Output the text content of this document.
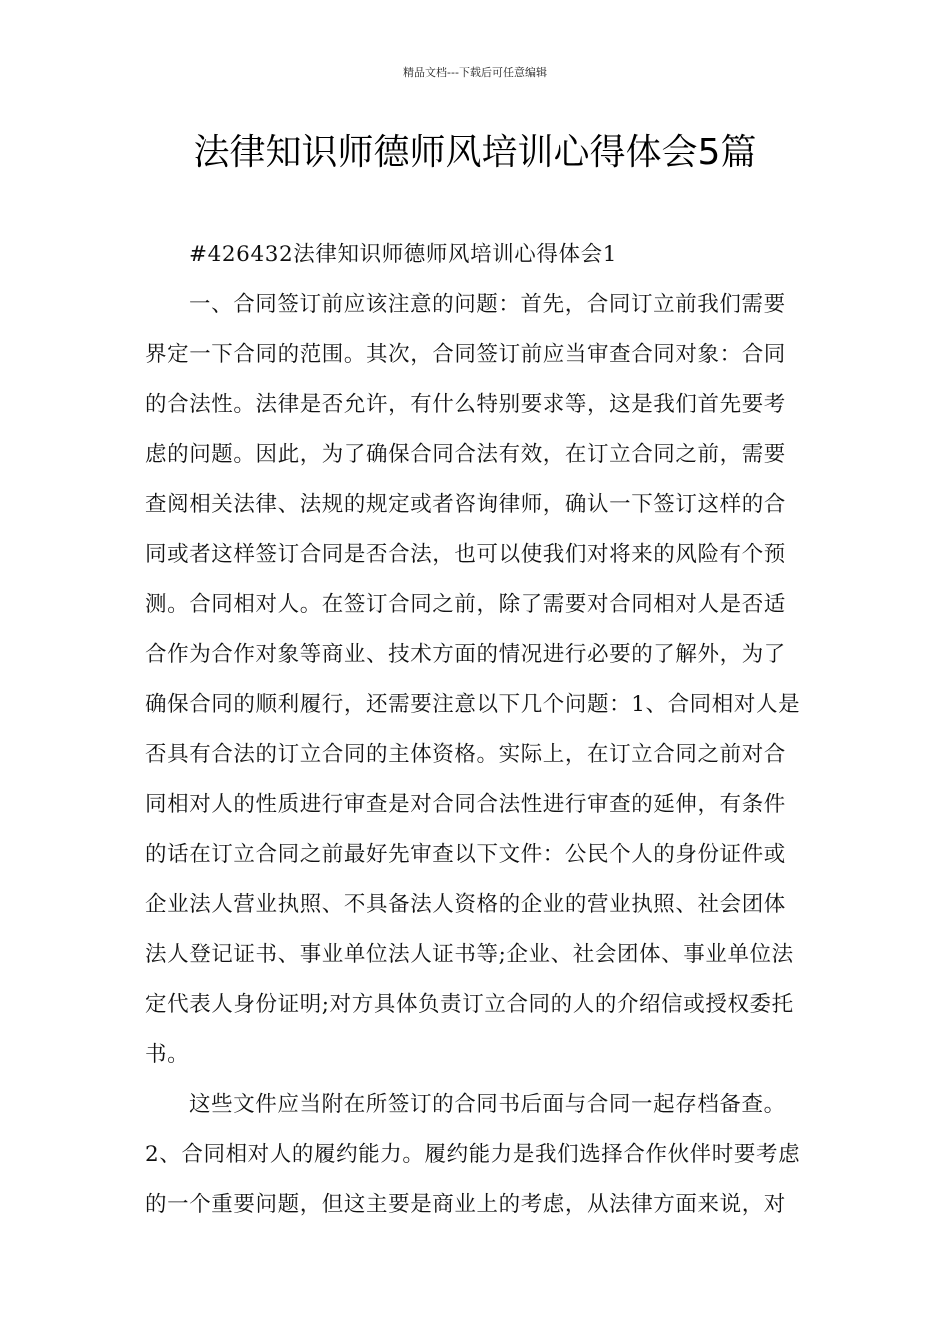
精品文档---下载后可任意编辑
法律知识师德师风培训心得体会5篇
#426432法律知识师德师风培训心得体会1
一、合同签订前应该注意的问题：首先，合同订立前我们需要
界定一下合同的范围。其次，合同签订前应当审查合同对象：合同
的合法性。法律是否允许，有什么特别要求等，这是我们首先要考
虑的问题。因此，为了确保合同合法有效，在订立合同之前，需要
查阅相关法律、法规的规定或者咨询律师，确认一下签订这样的合
同或者这样签订合同是否合法，也可以使我们对将来的风险有个预
测。合同相对人。在签订合同之前，除了需要对合同相对人是否适
合作为合作对象等商业、技术方面的情况进行必要的了解外，为了
确保合同的顺利履行，还需要注意以下几个问题：1、合同相对人是
否具有合法的订立合同的主体资格。实际上，在订立合同之前对合
同相对人的性质进行审查是对合同合法性进行审查的延伸，有条件
的话在订立合同之前最好先审查以下文件：公民个人的身份证件或
企业法人营业执照、不具备法人资格的企业的营业执照、社会团体
法人登记证书、事业单位法人证书等;企业、社会团体、事业单位法
定代表人身份证明;对方具体负责订立合同的人的介绍信或授权委托
书。
这些文件应当附在所签订的合同书后面与合同一起存档备查。
2、合同相对人的履约能力。履约能力是我们选择合作伙伴时要考虑
的一个重要问题，但这主要是商业上的考虑，从法律方面来说，对
